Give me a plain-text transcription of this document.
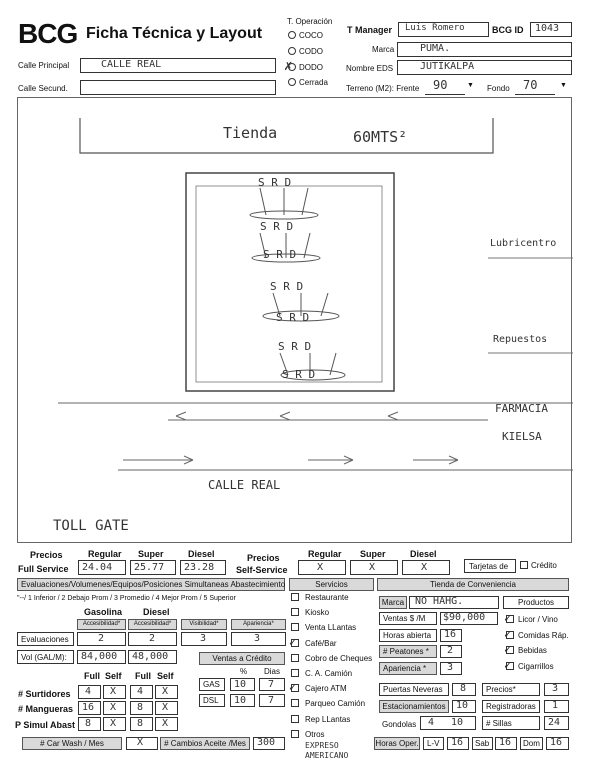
BCG Ficha Técnica y Layout
T. Operación
COCO
CODO
✗ DODO
Cerrada
T Manager Luis Romero	BCG ID 1043
Marca	PUMA.
Nombre EDS	JUTIKALPA
Calle Principal	CALLE REAL
Calle Secund.	Terreno (M2): Frente 90	▼ Fondo 70	▼
Tienda	60MTS²
S R D
S R D
S R D
S R D
S R D
S R D
S R D
Lubricentro
Repuestos
FARMACIA
KIELSA
CALLE REAL
TOLL GATE
Precios
Full Service
Regular Super	Diesel
24.04 25.77 23.28
Precios
Self-Service
Regular Super	Diesel
X	X	X	Tarjetas de	Crédito
Evaluaciones/Volumenes/Equipos/Posiciones Simultaneas Abastecimiento
"--/ 1 Inferior / 2 Debajo Prom / 3 Promedio / 4 Mejor Prom / 5 Superior
Gasolina Diesel
Accesibilidad*	Accesibilidad*	Visibilidad*	Apariencia*
Evaluaciones	2	2	3	3
Vol (GAL/M): 84,000 48,000	Ventas a Crédito
% Dias
GAS 10 7
DSL 10 7
Full Self Full Self
# Surtidores 4 X 4 X
# Mangueras 16 X 8 X
P Simul Abast 8 X 8 X
# Car Wash / Mes	X	# Cambios Aceite /Mes	300
Servicios
Restaurante
Kiosko
Venta LLantas
✓ Café/Bar
Cobro de Cheques
C. A. Camión
✓ Cajero ATM
Parqueo Camión
Rep LLantas
Otros
EXPRESO AMERICANO
Tienda de Conveniencia
Marca NO HAHG.	Productos
Ventas $ /M $90,000
Horas abierta 16
# Peatones *	2
Apariencia *	3
✓ Licor / Vino
✓ Comidas Ráp.
✓ Bebidas
✓ Cigarrillos
Puertas Neveras 8 Precios*	3
Estacionamientos	10 Registradoras 1
Gondolas 4 10	# Sillas	24
Horas Oper. L-V 16 Sab 16 Dom 16
